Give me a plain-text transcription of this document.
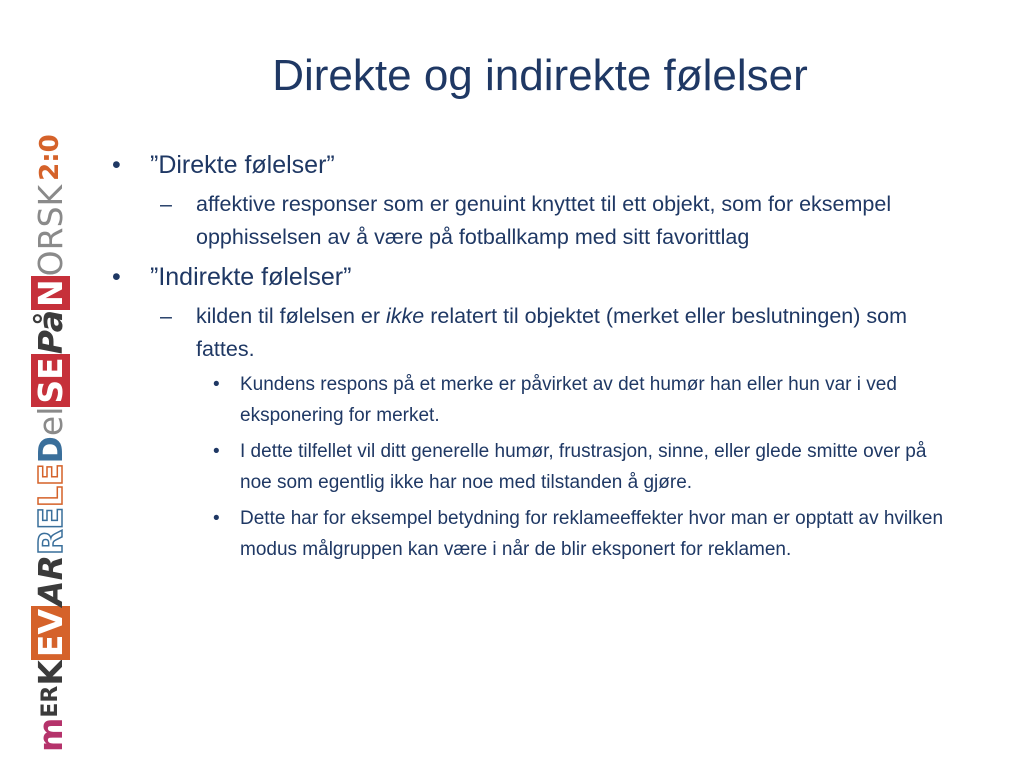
m
ER
K
EV
AR
RE
LE
D
el
SE
På
N
ORSK
2:0
Direkte og indirekte følelser
• ”Direkte følelser”
– affektive responser som er genuint knyttet til ett objekt, som for eksempel opphisselsen av å være på fotballkamp med sitt favorittlag
• ”Indirekte følelser”
– kilden til følelsen er ikke relatert til objektet (merket eller beslutningen) som fattes.
• Kundens respons på et merke er påvirket av det humør han eller hun var i ved eksponering for merket.
• I dette tilfellet vil ditt generelle humør, frustrasjon, sinne, eller glede smitte over på noe som egentlig ikke har noe med tilstanden å gjøre.
• Dette har for eksempel betydning for reklameeffekter hvor man er opptatt av hvilken modus målgruppen kan være i når de blir eksponert for reklamen.
